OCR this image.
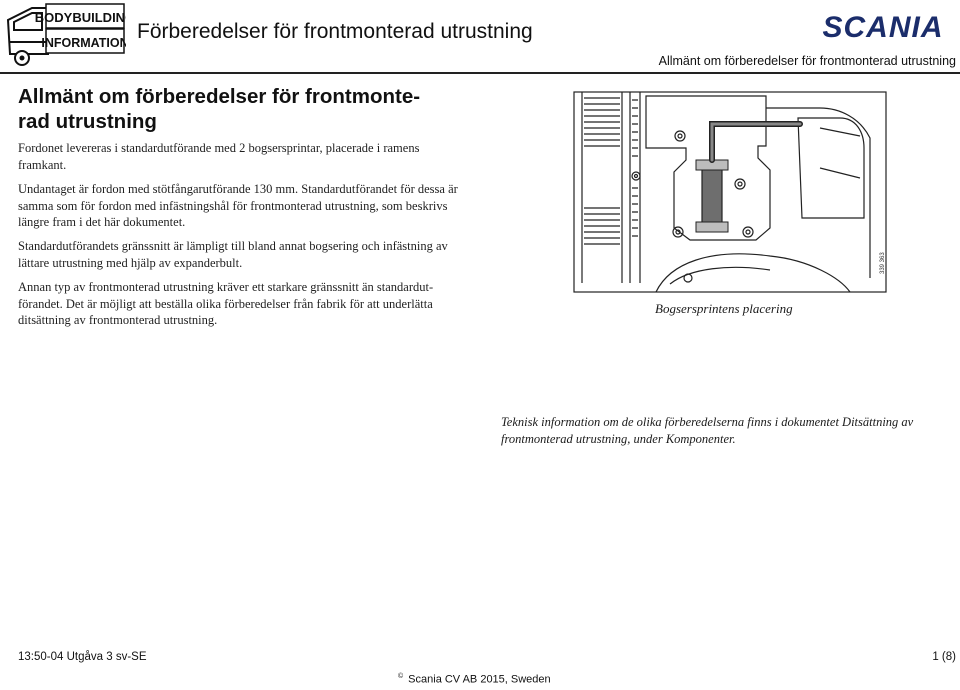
BODYBUILDING
INFORMATION Förberedelser för frontmonterad utrustning	SCANIA
Allmänt om förberedelser för frontmonterad utrustning
Allmänt om förberedelser för frontmonte-
rad utrustning
Fordonet levereras i standardutförande med 2 bogsersprintar, placerade i ramens framkant.
Undantaget är fordon med stötfångarutförande 130 mm. Standardutförandet för dessa är samma som för fordon med infästningshål för frontmonterad utrustning, som beskrivs längre fram i det här dokumentet.
Standardutförandets gränssnitt är lämpligt till bland annat bogsering och infästning av lättare utrustning med hjälp av expanderbult.
Annan typ av frontmonterad utrustning kräver ett starkare gränssnitt än standardut-förandet. Det är möjligt att beställa olika förberedelser från fabrik för att underlätta ditsättning av frontmonterad utrustning.
Bogsersprintens placering
339 363
Teknisk information om de olika förberedelserna finns i dokumentet Ditsättning av frontmonterad utrustning, under Komponenter.
13:50-04 Utgåva 3 sv-SE	1 (8)
© Scania CV AB 2015, Sweden
